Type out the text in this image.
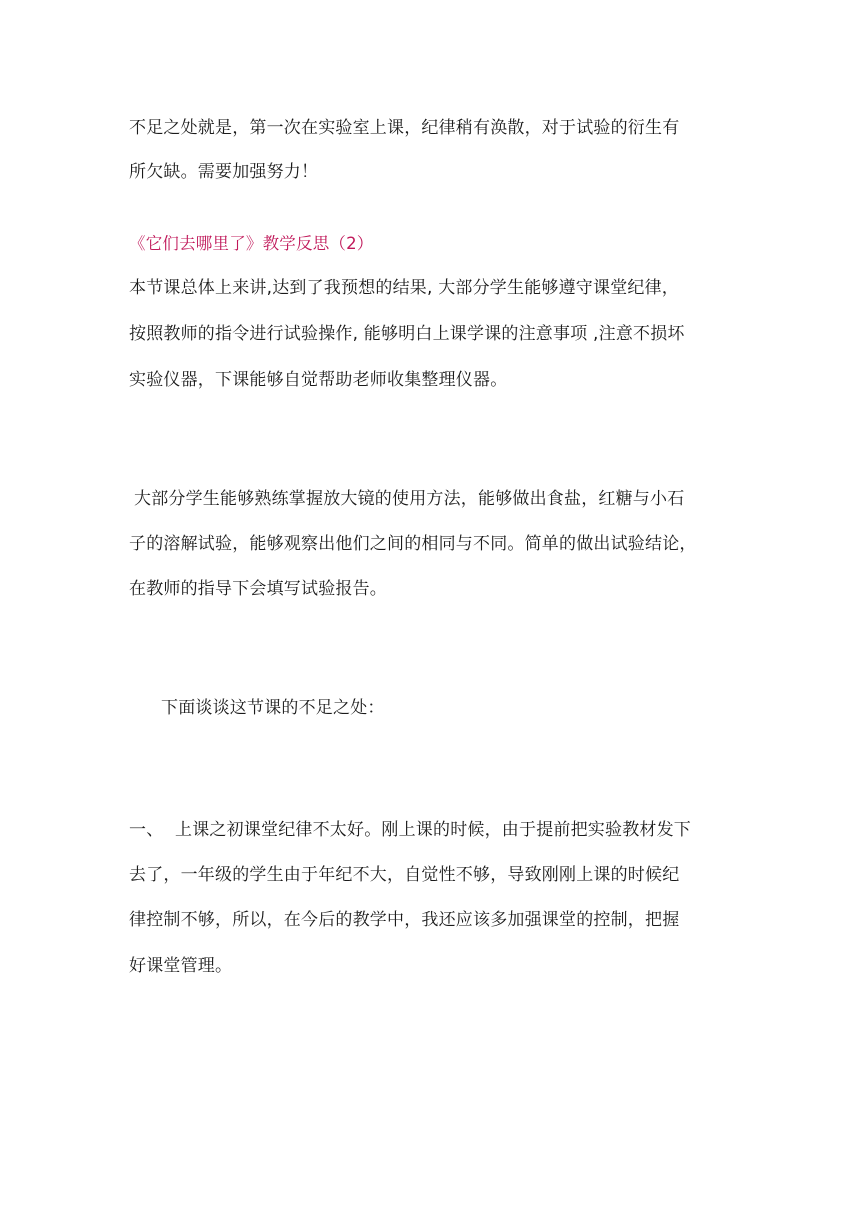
不足之处就是，第一次在实验室上课，纪律稍有涣散，对于试验的衍生有
所欠缺。需要加强努力！
《它们去哪里了》教学反思（2）
本节课总体上来讲,达到了我预想的结果, 大部分学生能够遵守课堂纪律，
按照教师的指令进行试验操作, 能够明白上课学课的注意事项 ,注意不损坏
实验仪器，下课能够自觉帮助老师收集整理仪器。
大部分学生能够熟练掌握放大镜的使用方法，能够做出食盐，红糖与小石
子的溶解试验，能够观察出他们之间的相同与不同。简单的做出试验结论，
在教师的指导下会填写试验报告。
下面谈谈这节课的不足之处：
一、 上课之初课堂纪律不太好。刚上课的时候，由于提前把实验教材发下
去了，一年级的学生由于年纪不大，自觉性不够，导致刚刚上课的时候纪
律控制不够，所以，在今后的教学中，我还应该多加强课堂的控制，把握
好课堂管理。
